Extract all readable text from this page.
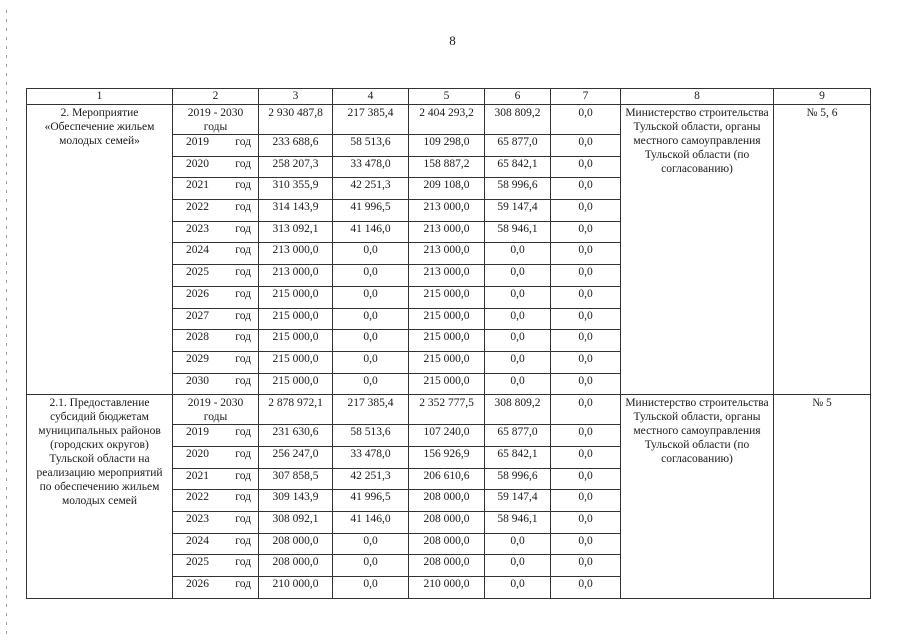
8
1	2	3	4	5	6	7	8	9
2. Мероприятие «Обеспечение жильем молодых семей»	2019 - 2030 годы	2 930 487,8	217 385,4	2 404 293,2	308 809,2	0,0	Министерство строительства Тульской области, органы местного самоуправления Тульской области (по согласованию)	№ 5, 6

	2019 год	233 688,6	58 513,6	109 298,0	65 877,0	0,0		

	2020 год	258 207,3	33 478,0	158 887,2	65 842,1	0,0		

	2021 год	310 355,9	42 251,3	209 108,0	58 996,6	0,0		

	2022 год	314 143,9	41 996,5	213 000,0	59 147,4	0,0		

	2023 год	313 092,1	41 146,0	213 000,0	58 946,1	0,0		

	2024 год	213 000,0	0,0	213 000,0	0,0	0,0		

	2025 год	213 000,0	0,0	213 000,0	0,0	0,0		

	2026 год	215 000,0	0,0	215 000,0	0,0	0,0		

	2027 год	215 000,0	0,0	215 000,0	0,0	0,0		

	2028 год	215 000,0	0,0	215 000,0	0,0	0,0		

	2029 год	215 000,0	0,0	215 000,0	0,0	0,0		

	2030 год	215 000,0	0,0	215 000,0	0,0	0,0		
2.1. Предоставление субсидий бюджетам муниципальных районов (городских округов) Тульской области на реализацию мероприятий по обеспечению жильем молодых семей	2019 - 2030 годы	2 878 972,1	217 385,4	2 352 777,5	308 809,2	0,0	Министерство строительства Тульской области, органы местного самоуправления Тульской области (по согласованию)	№ 5

	2019 год	231 630,6	58 513,6	107 240,0	65 877,0	0,0		

	2020 год	256 247,0	33 478,0	156 926,9	65 842,1	0,0		

	2021 год	307 858,5	42 251,3	206 610,6	58 996,6	0,0		

	2022 год	309 143,9	41 996,5	208 000,0	59 147,4	0,0		

	2023 год	308 092,1	41 146,0	208 000,0	58 946,1	0,0		

	2024 год	208 000,0	0,0	208 000,0	0,0	0,0		

	2025 год	208 000,0	0,0	208 000,0	0,0	0,0		

	2026 год	210 000,0	0,0	210 000,0	0,0	0,0		
